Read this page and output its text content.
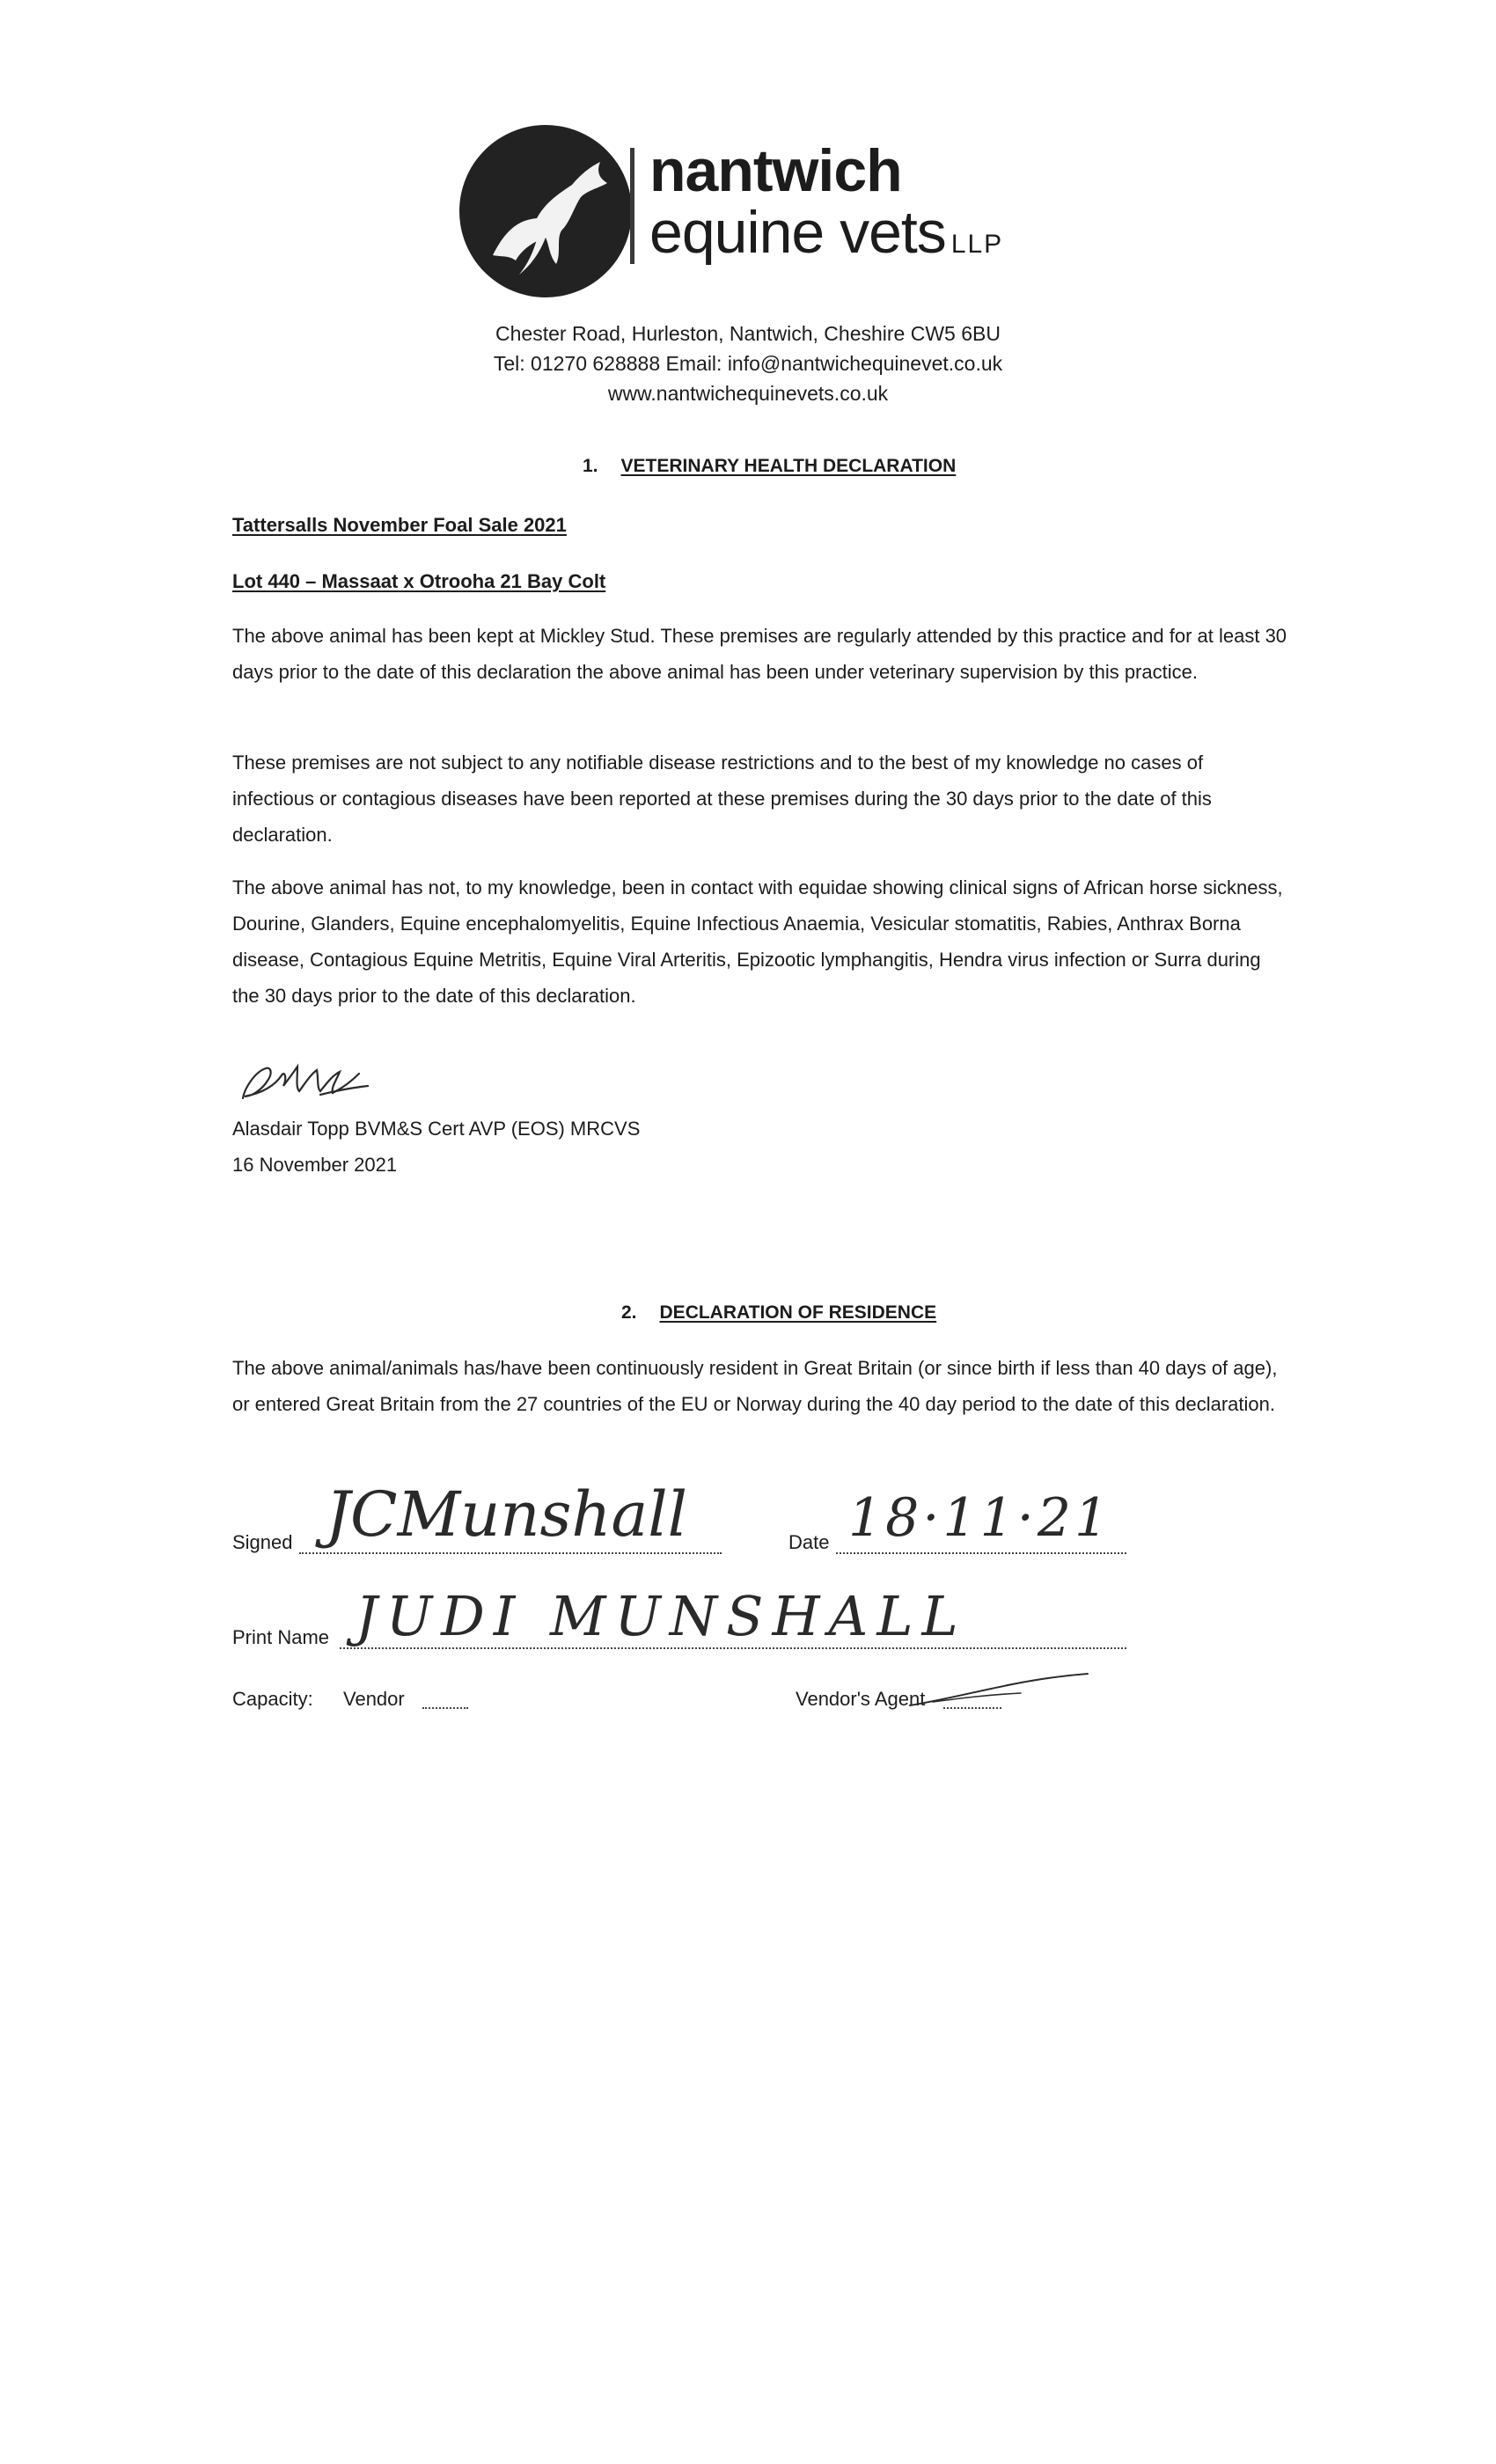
nantwich
equine vets LLP
Chester Road, Hurleston, Nantwich, Cheshire CW5 6BU
Tel: 01270 628888 Email: info@nantwichequinevet.co.uk
www.nantwichequinevets.co.uk
1. VETERINARY HEALTH DECLARATION
Tattersalls November Foal Sale 2021
Lot 440 – Massaat x Otrooha 21 Bay Colt
The above animal has been kept at Mickley Stud. These premises are regularly attended by this practice and for at least 30 days prior to the date of this declaration the above animal has been under veterinary supervision by this practice.
These premises are not subject to any notifiable disease restrictions and to the best of my knowledge no cases of infectious or contagious diseases have been reported at these premises during the 30 days prior to the date of this declaration.
The above animal has not, to my knowledge, been in contact with equidae showing clinical signs of African horse sickness, Dourine, Glanders, Equine encephalomyelitis, Equine Infectious Anaemia, Vesicular stomatitis, Rabies, Anthrax Borna disease, Contagious Equine Metritis, Equine Viral Arteritis, Epizootic lymphangitis, Hendra virus infection or Surra during the 30 days prior to the date of this declaration.
Alasdair Topp BVM&S Cert AVP (EOS) MRCVS
16 November 2021
2. DECLARATION OF RESIDENCE
The above animal/animals has/have been continuously resident in Great Britain (or since birth if less than 40 days of age), or entered Great Britain from the 27 countries of the EU or Norway during the 40 day period to the date of this declaration.
Signed JCMunshall	Date 18·11·21
Print Name JUDI MUNSHALL
Capacity: Vendor	Vendor's Agent
